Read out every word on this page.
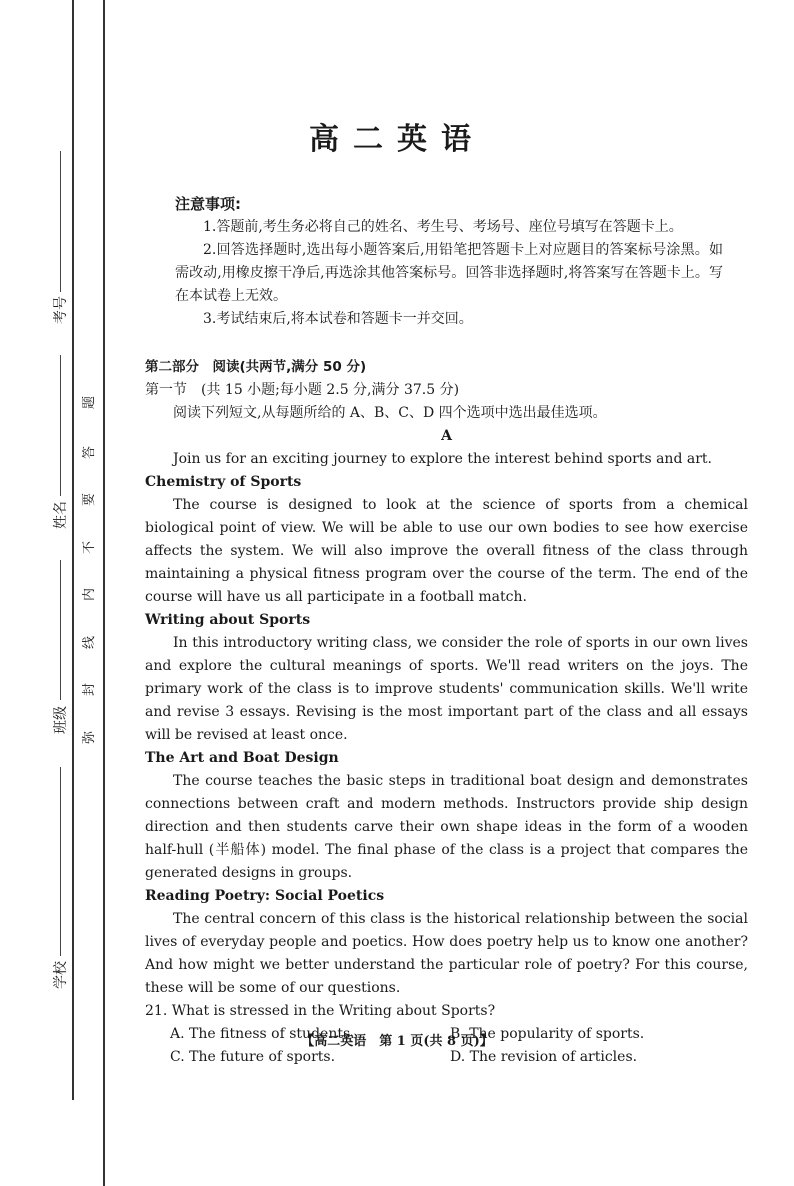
考号
姓名
班级
学校
弥
封
线
内
不
要
答
题
高二英语

注意事项:

1.答题前,考生务必将自己的姓名、考生号、考场号、座位号填写在答题卡上。

2.回答选择题时,选出每小题答案后,用铅笔把答题卡上对应题目的答案标号涂黑。如需改动,用橡皮擦干净后,再选涂其他答案标号。回答非选择题时,将答案写在答题卡上。写在本试卷上无效。

3.考试结束后,将本试卷和答题卡一并交回。

第二部分　阅读(共两节,满分 50 分)

第一节　(共 15 小题;每小题 2.5 分,满分 37.5 分)

阅读下列短文,从每题所给的 A、B、C、D 四个选项中选出最佳选项。

A

Join us for an exciting journey to explore the interest behind sports and art.

Chemistry of Sports

The course is designed to look at the science of sports from a chemical biological point of view. We will be able to use our own bodies to see how exercise affects the system. We will also improve the overall fitness of the class through maintaining a physical fitness program over the course of the term. The end of the course will have us all participate in a football match.

Writing about Sports

In this introductory writing class, we consider the role of sports in our own lives and explore the cultural meanings of sports. We'll read writers on the joys. The primary work of the class is to improve students' communication skills. We'll write and revise 3 essays. Revising is the most important part of the class and all essays will be revised at least once.

The Art and Boat Design

The course teaches the basic steps in traditional boat design and demonstrates connections between craft and modern methods. Instructors provide ship design direction and then students carve their own shape ideas in the form of a wooden half-hull (半船体) model. The final phase of the class is a project that compares the generated designs in groups.

Reading Poetry: Social Poetics

The central concern of this class is the historical relationship between the social lives of everyday people and poetics. How does poetry help us to know one another? And how might we better understand the particular role of poetry? For this course, these will be some of our questions.

21. What is stressed in the Writing about Sports?

A. The fitness of students.	B. The popularity of sports.
C. The future of sports.	D. The revision of articles.
【高二英语　第 1 页(共 8 页)】
